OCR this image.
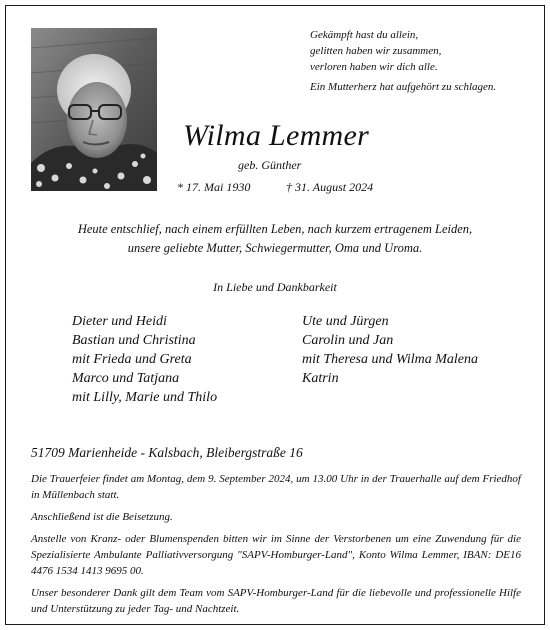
Gekämpft hast du allein,
gelitten haben wir zusammen,
verloren haben wir dich alle.
Ein Mutterherz hat aufgehört zu schlagen.
Wilma Lemmer
geb. Günther
* 17. Mai 1930	† 31. August 2024
Heute entschlief, nach einem erfüllten Leben, nach kurzem ertragenem Leiden,
unsere geliebte Mutter, Schwiegermutter, Oma und Uroma.
In Liebe und Dankbarkeit
Dieter und Heidi
Bastian und Christina
mit Frieda und Greta
Marco und Tatjana
mit Lilly, Marie und Thilo
Ute und Jürgen
Carolin und Jan
mit Theresa und Wilma Malena
Katrin
51709 Marienheide - Kalsbach, Bleibergstraße 16

Die Trauerfeier findet am Montag, dem 9. September 2024, um 13.00 Uhr in der Trauerhalle auf dem Friedhof in Müllenbach statt.

Anschließend ist die Beisetzung.

Anstelle von Kranz- oder Blumenspenden bitten wir im Sinne der Verstorbenen um eine Zuwendung für die Spezialisierte Ambulante Palliativversorgung "SAPV-Homburger-Land", Konto Wilma Lemmer, IBAN: DE16 4476 1534 1413 9695 00.

Unser besonderer Dank gilt dem Team vom SAPV-Homburger-Land für die liebevolle und professionelle Hilfe und Unterstützung zu jeder Tag- und Nachtzeit.
